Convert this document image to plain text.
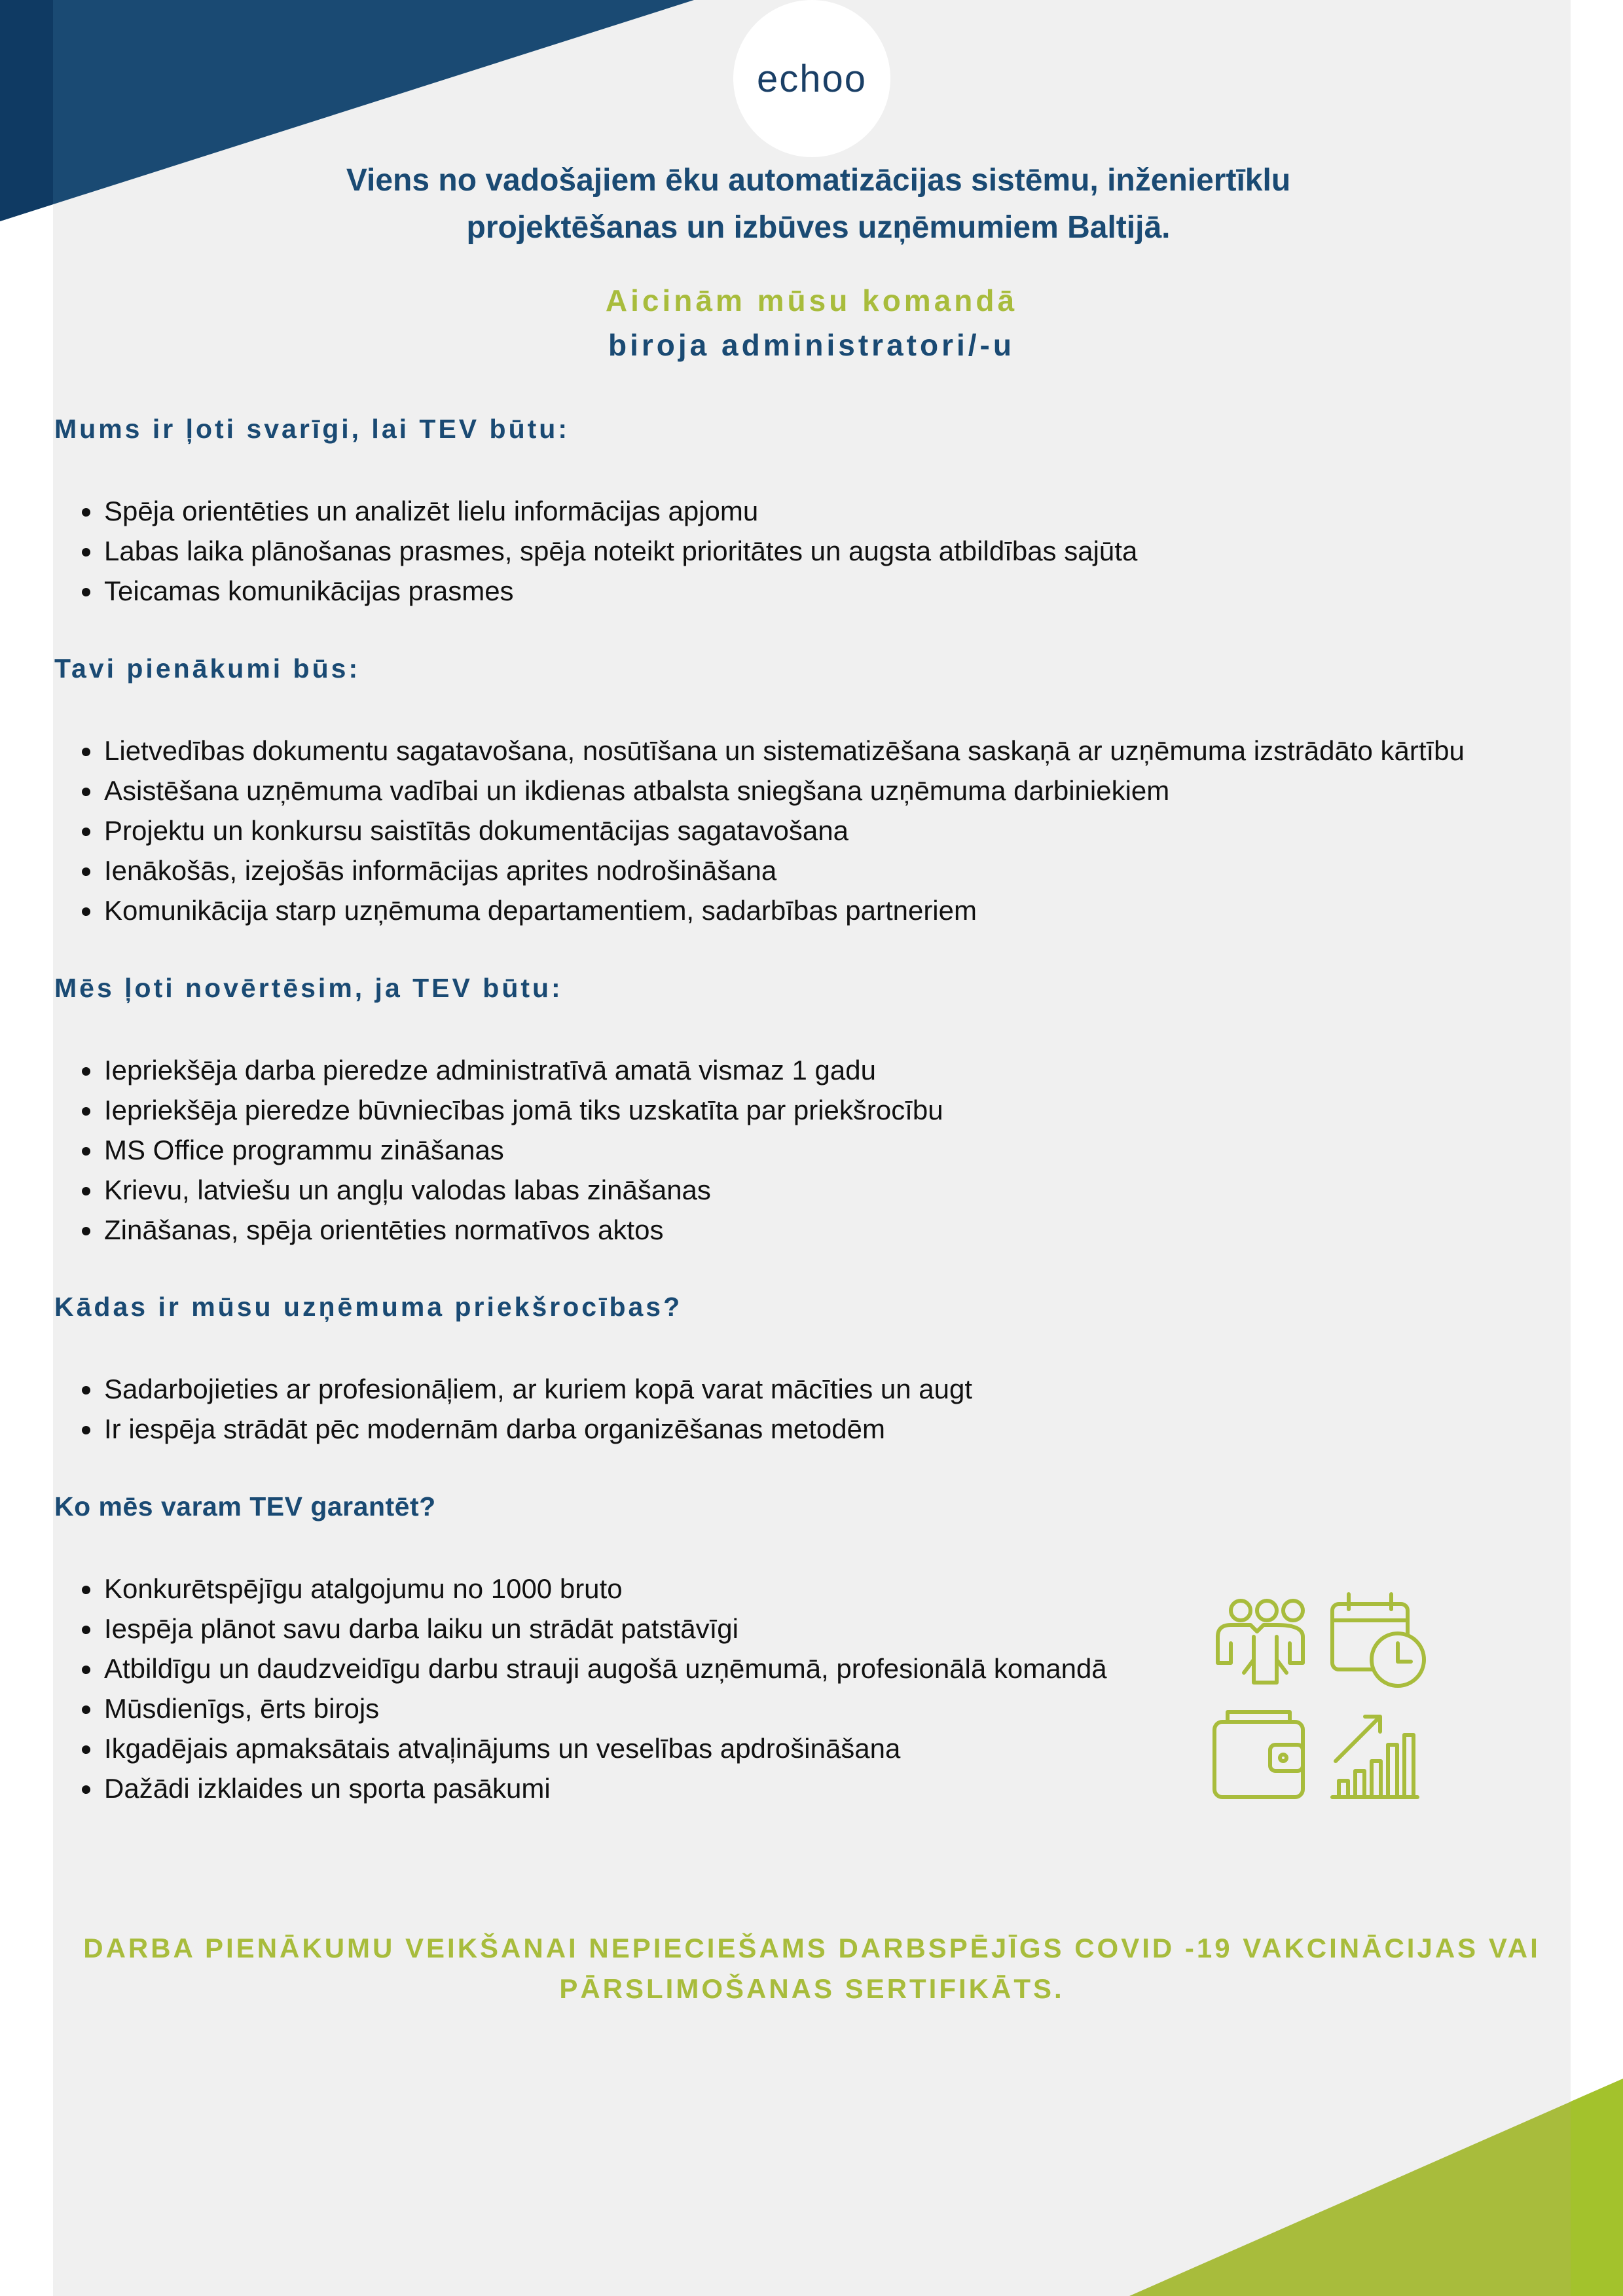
echoo

Viens no vadošajiem ēku automatizācijas sistēmu, inženiertīklu projektēšanas un izbūves uzņēmumiem Baltijā.

Aicinām mūsu komandā

biroja administratori/-u

Mums ir ļoti svarīgi, lai TEV būtu:

• Spēja orientēties un analizēt lielu informācijas apjomu
• Labas laika plānošanas prasmes, spēja noteikt prioritātes un augsta atbildības sajūta
• Teicamas komunikācijas prasmes

Tavi pienākumi būs:

• Lietvedības dokumentu sagatavošana, nosūtīšana un sistematizēšana saskaņā ar uzņēmuma izstrādāto kārtību
• Asistēšana uzņēmuma vadībai un ikdienas atbalsta sniegšana uzņēmuma darbiniekiem
• Projektu un konkursu saistītās dokumentācijas sagatavošana
• Ienākošās, izejošās informācijas aprites nodrošināšana
• Komunikācija starp uzņēmuma departamentiem, sadarbības partneriem

Mēs ļoti novērtēsim, ja TEV būtu:

• Iepriekšēja darba pieredze administratīvā amatā vismaz 1 gadu
• Iepriekšēja pieredze būvniecības jomā tiks uzskatīta par priekšrocību
• MS Office programmu zināšanas
• Krievu, latviešu un angļu valodas labas zināšanas
• Zināšanas, spēja orientēties normatīvos aktos

Kādas ir mūsu uzņēmuma priekšrocības?

• Sadarbojieties ar profesionāļiem, ar kuriem kopā varat mācīties un augt
• Ir iespēja strādāt pēc modernām darba organizēšanas metodēm

Ko mēs varam TEV garantēt?

• Konkurētspējīgu atalgojumu no 1000 bruto
• Iespēja plānot savu darba laiku un strādāt patstāvīgi
• Atbildīgu un daudzveidīgu darbu strauji augošā uzņēmumā, profesionālā komandā
• Mūsdienīgs, ērts birojs
• Ikgadējais apmaksātais atvaļinājums un veselības apdrošināšana
• Dažādi izklaides un sporta pasākumi

DARBA PIENĀKUMU VEIKŠANAI NEPIECIEŠAMS DARBSPĒJĪGS COVID -19 VAKCINĀCIJAS VAI PĀRSLIMOŠANAS SERTIFIKĀTS.
